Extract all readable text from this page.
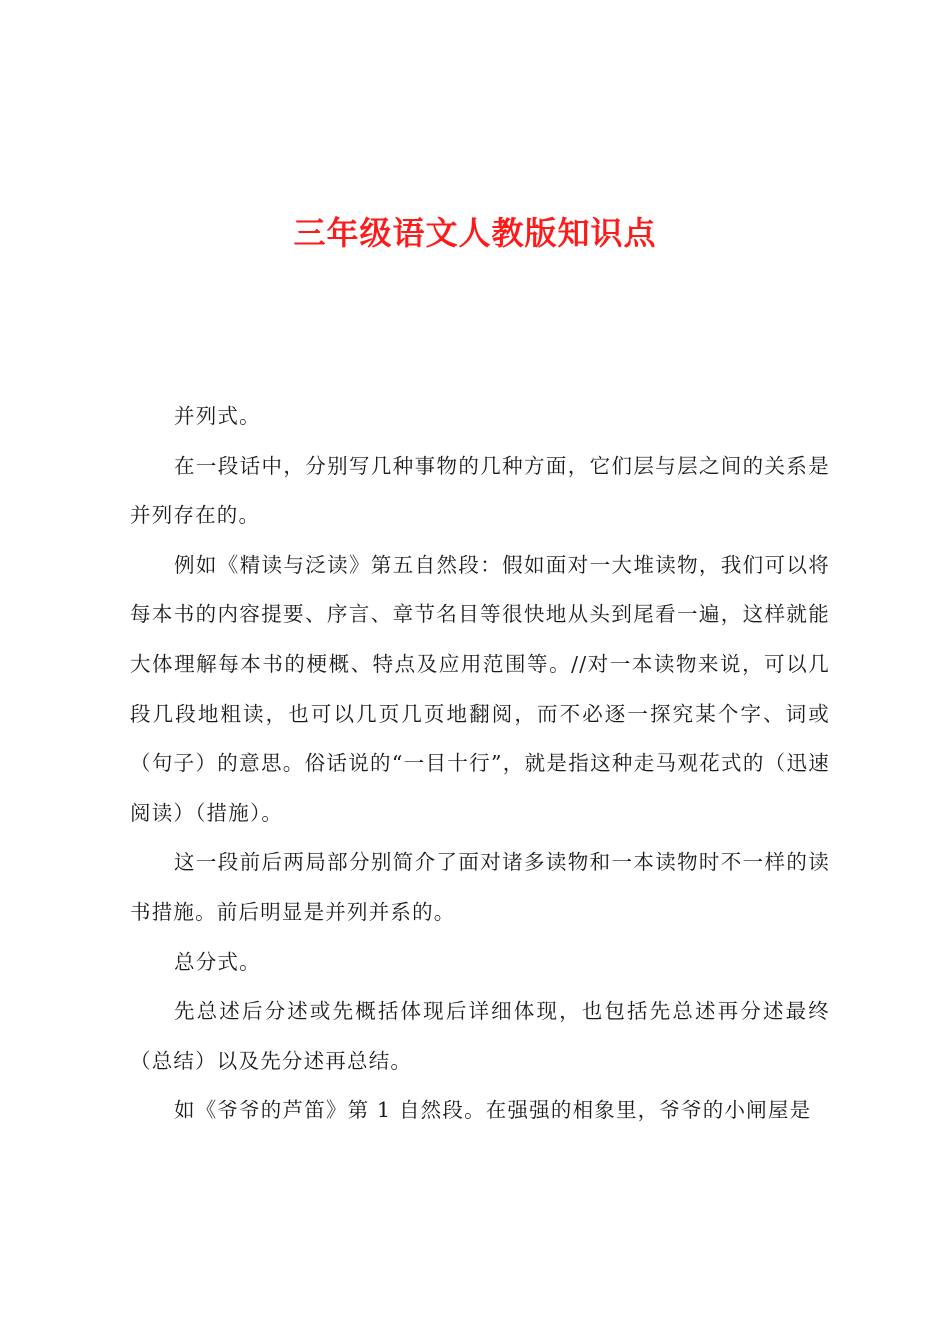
三年级语文人教版知识点

并列式。

在一段话中，分别写几种事物的几种方面，它们层与层之间的关系是并列存在的。

例如《精读与泛读》第五自然段：假如面对一大堆读物，我们可以将每本书的内容提要、序言、章节名目等很快地从头到尾看一遍，这样就能大体理解每本书的梗概、特点及应用范围等。//对一本读物来说，可以几段几段地粗读，也可以几页几页地翻阅，而不必逐一探究某个字、词或（句子）的意思。俗话说的“一目十行”，就是指这种走马观花式的（迅速阅读）（措施）。

这一段前后两局部分别简介了面对诸多读物和一本读物时不一样的读书措施。前后明显是并列并系的。

总分式。

先总述后分述或先概括体现后详细体现，也包括先总述再分述最终（总结）以及先分述再总结。

如《爷爷的芦笛》第 1 自然段。在强强的相象里，爷爷的小闸屋是
